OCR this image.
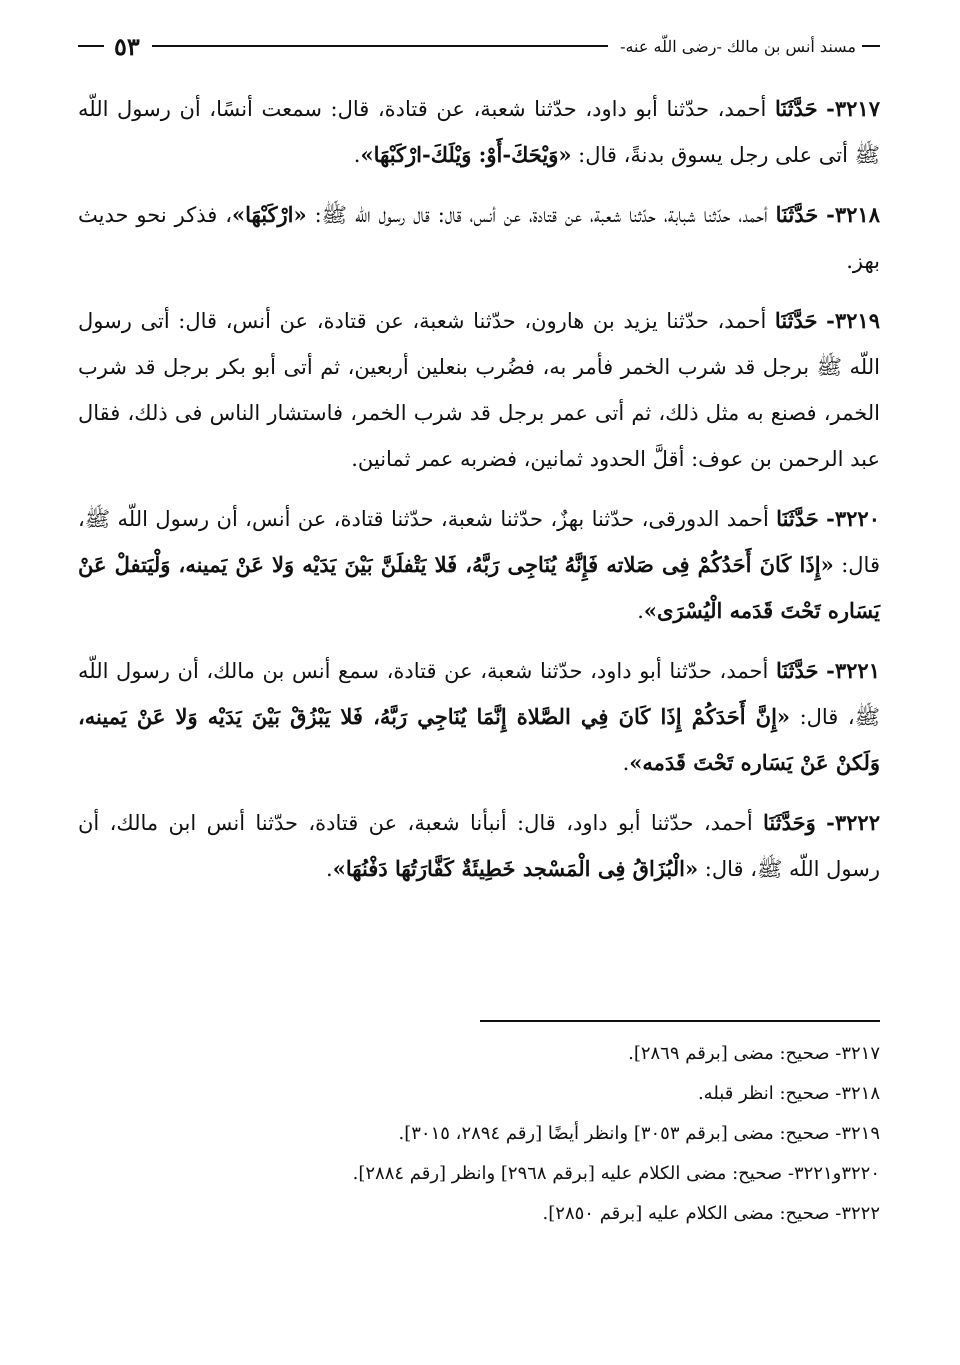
مسند أنس بن مالك -رضى اللّه عنه-
٥٣

٣٢١٧- حَدَّثَنَا أحمد، حدّثنا أبو داود، حدّثنا شعبة، عن قتادة، قال: سمعت أنسًا، أن رسول اللّه ﷺ أتى على رجل يسوق بدنةً، قال: «وَيْحَكَ-أَوْ: وَيْلَكَ-ارْكَبْهَا».

٣٢١٨- حَدَّثَنَا أحمد، حدّثنا شبابة، حدّثنا شعبة، عن قتادة، عن أنس، قال: قال رسول اللّه ﷺ: «ارْكَبْهَا»، فذكر نحو حديث بهز.

٣٢١٩- حَدَّثَنَا أحمد، حدّثنا يزيد بن هارون، حدّثنا شعبة، عن قتادة، عن أنس، قال: أتى رسول اللّه ﷺ برجل قد شرب الخمر فأمر به، فضُرب بنعلين أربعين، ثم أتى أبو بكر برجل قد شرب الخمر، فصنع به مثل ذلك، ثم أتى عمر برجل قد شرب الخمر، فاستشار الناس فى ذلك، فقال عبد الرحمن بن عوف: أقلَّ الحدود ثمانين، فضربه عمر ثمانين.

٣٢٢٠- حَدَّثَنَا أحمد الدورقى، حدّثنا بهزٌ، حدّثنا شعبة، حدّثنا قتادة، عن أنس، أن رسول اللّه ﷺ، قال: «إِذَا كَانَ أَحَدُكُمْ فِى صَلاته فَإِنَّهُ يُنَاجِى رَبَّهُ، فَلا يَتْفلَنَّ بَيْنَ يَدَيْه وَلا عَنْ يَمينه، وَلْيَتفلْ عَنْ يَسَاره تَحْتَ قَدَمه الْيُسْرَى».

٣٢٢١- حَدَّثَنَا أحمد، حدّثنا أبو داود، حدّثنا شعبة، عن قتادة، سمع أنس بن مالك، أن رسول اللّه ﷺ، قال: «إِنَّ أَحَدَكُمْ إِذَا كَانَ فِي الصَّلاة إِنَّمَا يُنَاجِي رَبَّهُ، فَلا يَبْزُقْ بَيْنَ يَدَيْه وَلا عَنْ يَمينه، وَلَكنْ عَنْ يَسَاره تَحْتَ قَدَمه».

٣٢٢٢- وَحَدَّثَنَا أحمد، حدّثنا أبو داود، قال: أنبأنا شعبة، عن قتادة، حدّثنا أنس ابن مالك، أن رسول اللّه ﷺ، قال: «الْبُزَاقُ فِى الْمَسْجد خَطِيئَةٌ كَفَّارَتُهَا دَفْنُهَا».

٣٢١٧- صحيح: مضى [برقم ٢٨٦٩].
٣٢١٨- صحيح: انظر قبله.
٣٢١٩- صحيح: مضى [برقم ٣٠٥٣] وانظر أيضًا [رقم ٢٨٩٤، ٣٠١٥].
٣٢٢٠و٣٢٢١- صحيح: مضى الكلام عليه [برقم ٢٩٦٨] وانظر [رقم ٢٨٨٤].
٣٢٢٢- صحيح: مضى الكلام عليه [برقم ٢٨٥٠].
